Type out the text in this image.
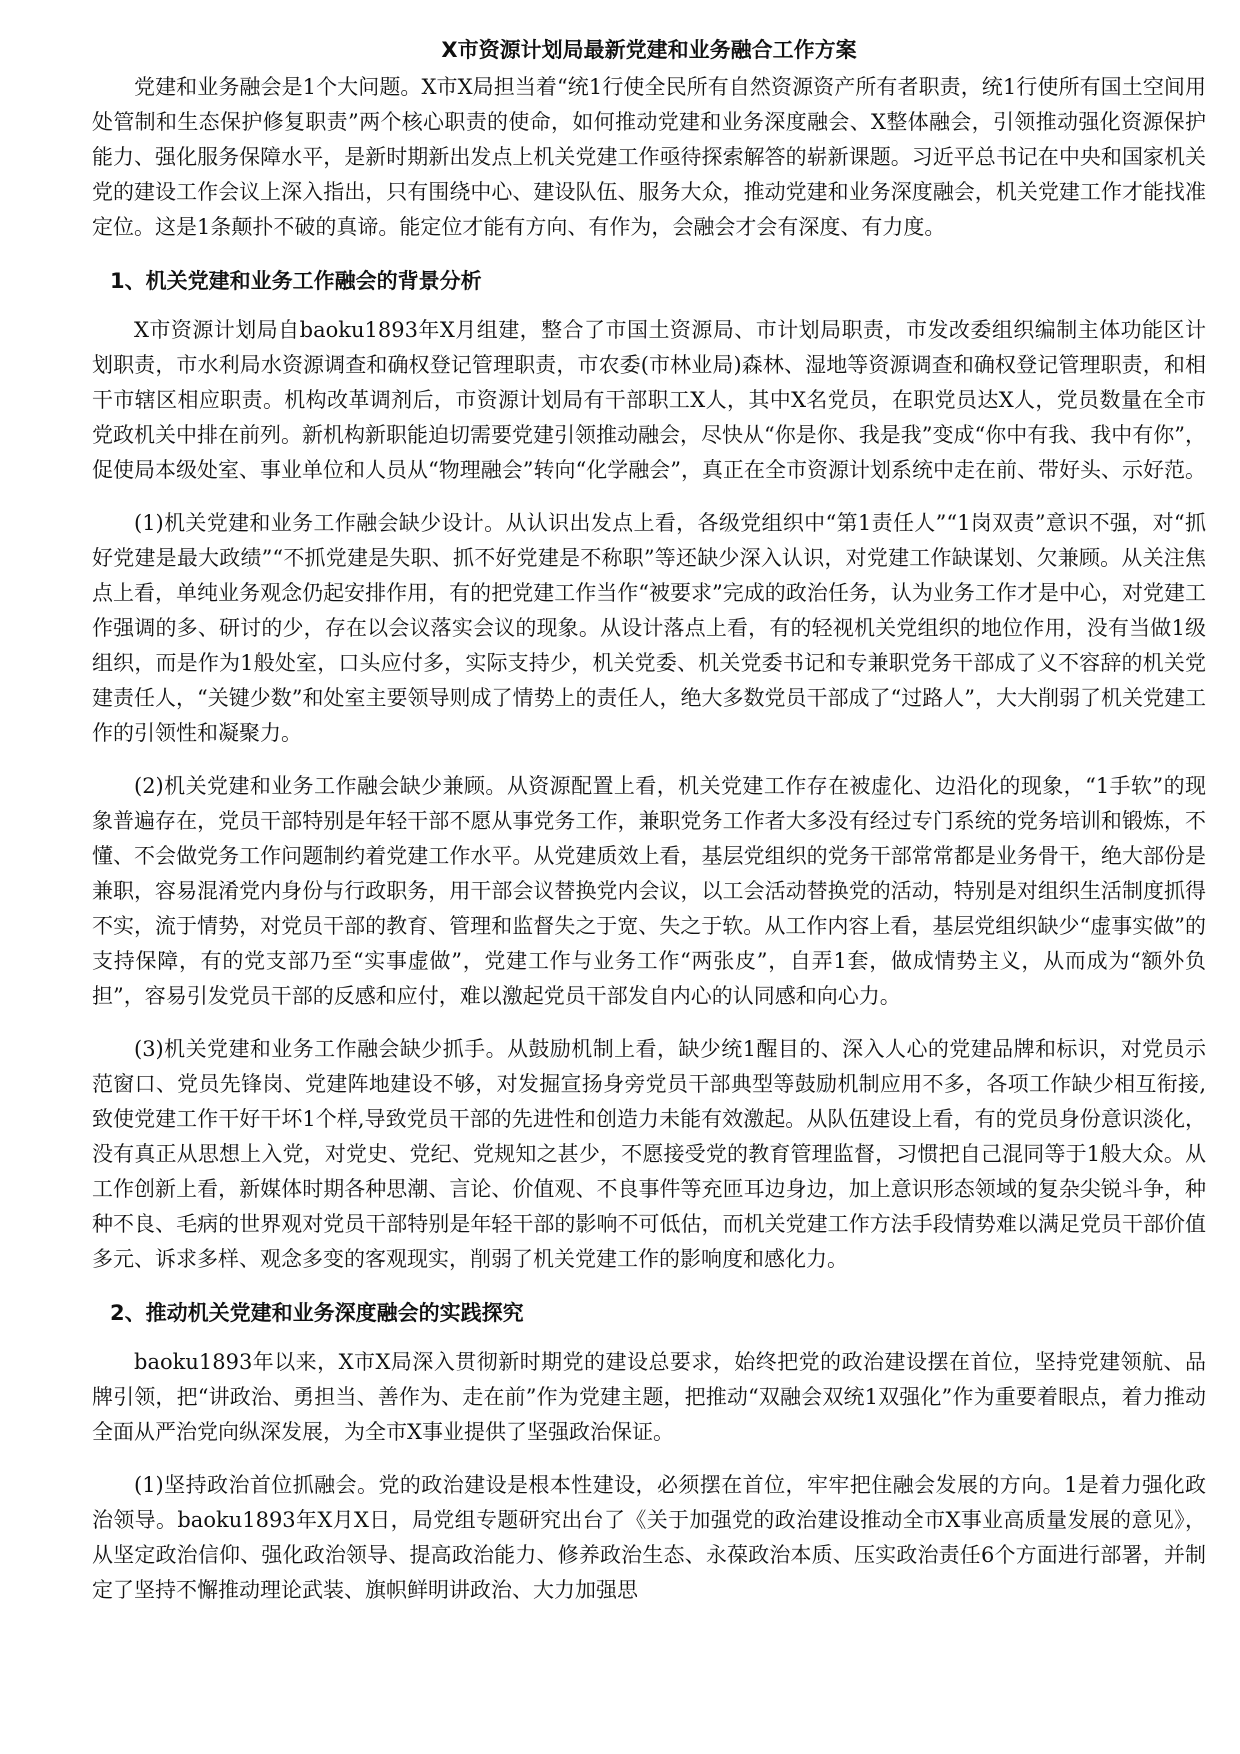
X市资源计划局最新党建和业务融合工作方案

党建和业务融会是1个大问题。X市X局担当着“统1行使全民所有自然资源资产所有者职责，统1行使所有国土空间用处管制和生态保护修复职责”两个核心职责的使命，如何推动党建和业务深度融会、X整体融会，引领推动强化资源保护能力、强化服务保障水平，是新时期新出发点上机关党建工作亟待探索解答的崭新课题。习近平总书记在中央和国家机关党的建设工作会议上深入指出，只有围绕中心、建设队伍、服务大众，推动党建和业务深度融会，机关党建工作才能找准定位。这是1条颠扑不破的真谛。能定位才能有方向、有作为，会融会才会有深度、有力度。

1、机关党建和业务工作融会的背景分析

X市资源计划局自baoku1893年X月组建，整合了市国土资源局、市计划局职责，市发改委组织编制主体功能区计划职责，市水利局水资源调查和确权登记管理职责，市农委(市林业局)森林、湿地等资源调查和确权登记管理职责，和相干市辖区相应职责。机构改革调剂后，市资源计划局有干部职工X人，其中X名党员，在职党员达X人，党员数量在全市党政机关中排在前列。新机构新职能迫切需要党建引领推动融会，尽快从“你是你、我是我”变成“你中有我、我中有你”，促使局本级处室、事业单位和人员从“物理融会”转向“化学融会”，真正在全市资源计划系统中走在前、带好头、示好范。

(1)机关党建和业务工作融会缺少设计。从认识出发点上看，各级党组织中“第1责任人”“1岗双责”意识不强，对“抓好党建是最大政绩”“不抓党建是失职、抓不好党建是不称职”等还缺少深入认识，对党建工作缺谋划、欠兼顾。从关注焦点上看，单纯业务观念仍起安排作用，有的把党建工作当作“被要求”完成的政治任务，认为业务工作才是中心，对党建工作强调的多、研讨的少，存在以会议落实会议的现象。从设计落点上看，有的轻视机关党组织的地位作用，没有当做1级组织，而是作为1般处室，口头应付多，实际支持少，机关党委、机关党委书记和专兼职党务干部成了义不容辞的机关党建责任人，“关键少数”和处室主要领导则成了情势上的责任人，绝大多数党员干部成了“过路人”，大大削弱了机关党建工作的引领性和凝聚力。

(2)机关党建和业务工作融会缺少兼顾。从资源配置上看，机关党建工作存在被虚化、边沿化的现象，“1手软”的现象普遍存在，党员干部特别是年轻干部不愿从事党务工作，兼职党务工作者大多没有经过专门系统的党务培训和锻炼，不懂、不会做党务工作问题制约着党建工作水平。从党建质效上看，基层党组织的党务干部常常都是业务骨干，绝大部份是兼职，容易混淆党内身份与行政职务，用干部会议替换党内会议，以工会活动替换党的活动，特别是对组织生活制度抓得不实，流于情势，对党员干部的教育、管理和监督失之于宽、失之于软。从工作内容上看，基层党组织缺少“虚事实做”的支持保障，有的党支部乃至“实事虚做”，党建工作与业务工作“两张皮”，自弄1套，做成情势主义，从而成为“额外负担”，容易引发党员干部的反感和应付，难以激起党员干部发自内心的认同感和向心力。

(3)机关党建和业务工作融会缺少抓手。从鼓励机制上看，缺少统1醒目的、深入人心的党建品牌和标识，对党员示范窗口、党员先锋岗、党建阵地建设不够，对发掘宣扬身旁党员干部典型等鼓励机制应用不多，各项工作缺少相互衔接,致使党建工作干好干坏1个样,导致党员干部的先进性和创造力未能有效激起。从队伍建设上看，有的党员身份意识淡化，没有真正从思想上入党，对党史、党纪、党规知之甚少，不愿接受党的教育管理监督，习惯把自己混同等于1般大众。从工作创新上看，新媒体时期各种思潮、言论、价值观、不良事件等充匝耳边身边，加上意识形态领域的复杂尖锐斗争，种种不良、毛病的世界观对党员干部特别是年轻干部的影响不可低估，而机关党建工作方法手段情势难以满足党员干部价值多元、诉求多样、观念多变的客观现实，削弱了机关党建工作的影响度和感化力。

2、推动机关党建和业务深度融会的实践探究

baoku1893年以来，X市X局深入贯彻新时期党的建设总要求，始终把党的政治建设摆在首位，坚持党建领航、品牌引领，把“讲政治、勇担当、善作为、走在前”作为党建主题，把推动“双融会双统1双强化”作为重要着眼点，着力推动全面从严治党向纵深发展，为全市X事业提供了坚强政治保证。

(1)坚持政治首位抓融会。党的政治建设是根本性建设，必须摆在首位，牢牢把住融会发展的方向。1是着力强化政治领导。baoku1893年X月X日，局党组专题研究出台了《关于加强党的政治建设推动全市X事业高质量发展的意见》，从坚定政治信仰、强化政治领导、提高政治能力、修养政治生态、永葆政治本质、压实政治责任6个方面进行部署，并制定了坚持不懈推动理论武装、旗帜鲜明讲政治、大力加强思
